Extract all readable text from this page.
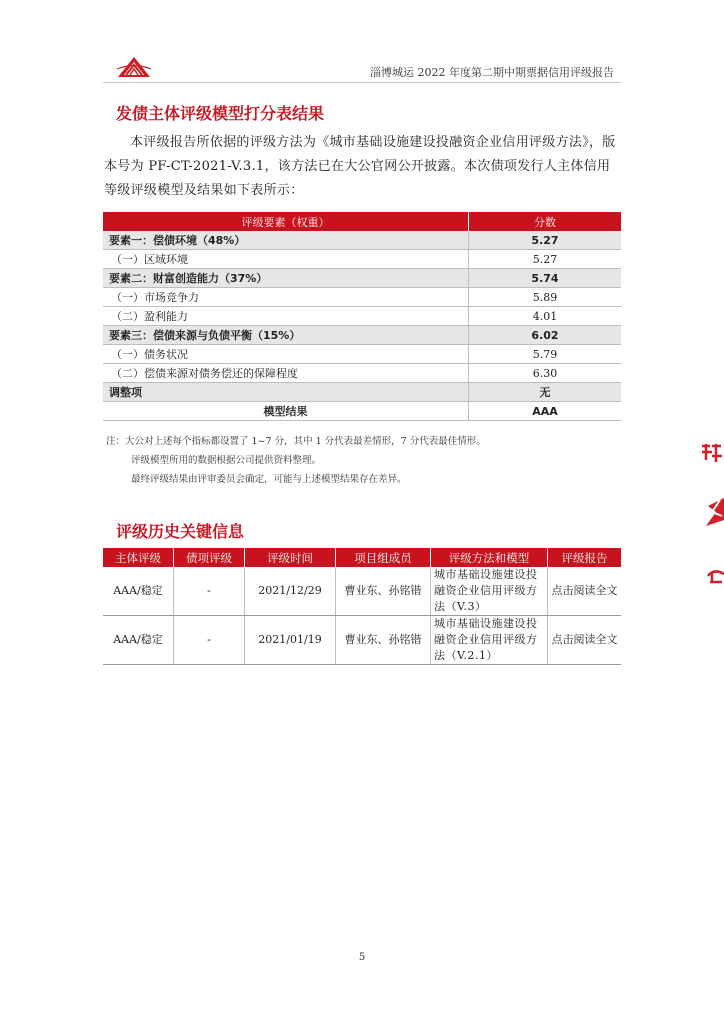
淄博城运 2022 年度第二期中期票据信用评级报告
发债主体评级模型打分表结果
本评级报告所依据的评级方法为《城市基础设施建设投融资企业信用评级方法》，版本号为 PF-CT-2021-V.3.1，该方法已在大公官网公开披露。本次债项发行人主体信用等级评级模型及结果如下表所示：
评级要素（权重）	分数
要素一：偿债环境（48%）	5.27
（一）区域环境	5.27
要素二：财富创造能力（37%）	5.74
（一）市场竞争力	5.89
（二）盈利能力	4.01
要素三：偿债来源与负债平衡（15%）	6.02
（一）债务状况	5.79
（二）偿债来源对债务偿还的保障程度	6.30
调整项	无
模型结果	AAA
注：大公对上述每个指标都设置了 1~7 分，其中 1 分代表最差情形，7 分代表最佳情形。
评级模型所用的数据根据公司提供资料整理。
最终评级结果由评审委员会确定，可能与上述模型结果存在差异。
评级历史关键信息
主体评级	债项评级	评级时间	项目组成员	评级方法和模型	评级报告
AAA/稳定	-	2021/12/29	曹业东、孙铭锴	城市基础设施建设投融资企业信用评级方法（V.3）	点击阅读全文
AAA/稳定	-	2021/01/19	曹业东、孙铭锴	城市基础设施建设投融资企业信用评级方法（V.2.1）	点击阅读全文
5
